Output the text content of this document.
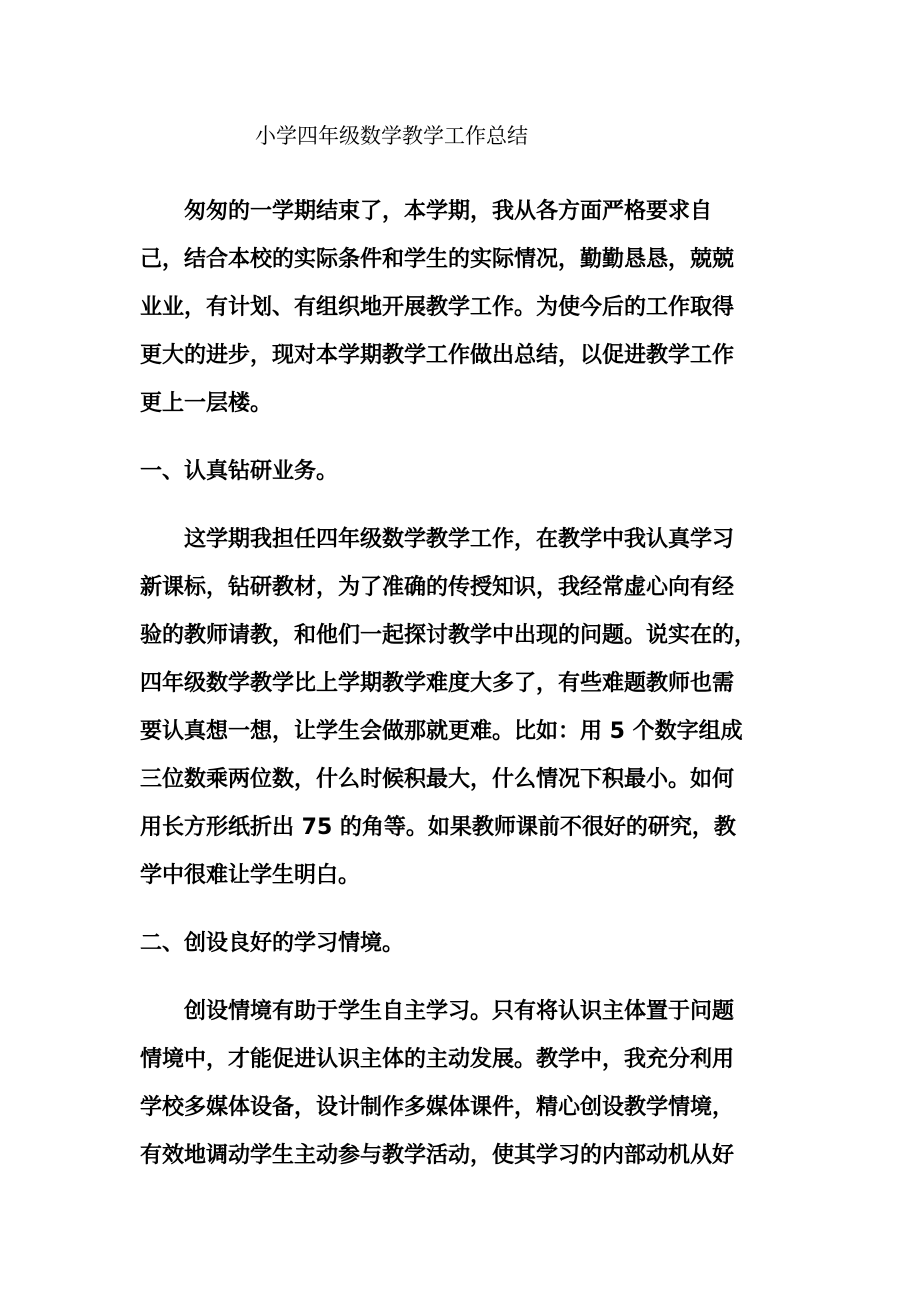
小学四年级数学教学工作总结
　　匆匆的一学期结束了，本学期，我从各方面严格要求自
己，结合本校的实际条件和学生的实际情况，勤勤恳恳，兢兢
业业，有计划、有组织地开展教学工作。为使今后的工作取得
更大的进步，现对本学期教学工作做出总结，以促进教学工作
更上一层楼。
一、认真钻研业务。
　　这学期我担任四年级数学教学工作，在教学中我认真学习
新课标，钻研教材，为了准确的传授知识，我经常虚心向有经
验的教师请教，和他们一起探讨教学中出现的问题。说实在的，
四年级数学教学比上学期教学难度大多了，有些难题教师也需
要认真想一想，让学生会做那就更难。比如：用 5 个数字组成
三位数乘两位数，什么时候积最大，什么情况下积最小。如何
用长方形纸折出 75 的角等。如果教师课前不很好的研究，教
学中很难让学生明白。
二、创设良好的学习情境。
　　创设情境有助于学生自主学习。只有将认识主体置于问题
情境中，才能促进认识主体的主动发展。教学中，我充分利用
学校多媒体设备，设计制作多媒体课件，精心创设教学情境，
有效地调动学生主动参与教学活动，使其学习的内部动机从好
